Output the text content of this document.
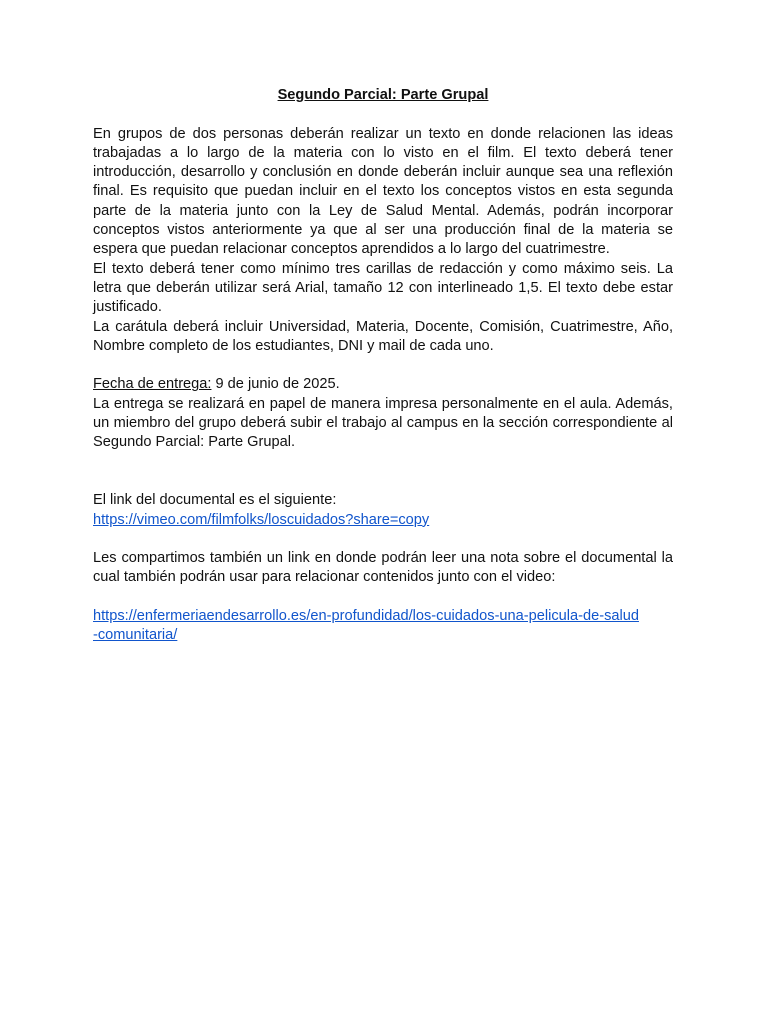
Segundo Parcial: Parte Grupal

En grupos de dos personas deberán realizar un texto en donde relacionen las ideas trabajadas a lo largo de la materia con lo visto en el film. El texto deberá tener introducción, desarrollo y conclusión en donde deberán incluir aunque sea una reflexión final. Es requisito que puedan incluir en el texto los conceptos vistos en esta segunda parte de la materia junto con la Ley de Salud Mental. Además, podrán incorporar conceptos vistos anteriormente ya que al ser una producción final de la materia se espera que puedan relacionar conceptos aprendidos a lo largo del cuatrimestre.

El texto deberá tener como mínimo tres carillas de redacción y como máximo seis. La letra que deberán utilizar será Arial, tamaño 12 con interlineado 1,5. El texto debe estar justificado.

La carátula deberá incluir Universidad, Materia, Docente, Comisión, Cuatrimestre, Año, Nombre completo de los estudiantes, DNI y mail de cada uno.

Fecha de entrega: 9 de junio de 2025.

La entrega se realizará en papel de manera impresa personalmente en el aula. Además, un miembro del grupo deberá subir el trabajo al campus en la sección correspondiente al Segundo Parcial: Parte Grupal.

El link del documental es el siguiente:

https://vimeo.com/filmfolks/loscuidados?share=copy

Les compartimos también un link en donde podrán leer una nota sobre el documental la cual también podrán usar para relacionar contenidos junto con el video:

https://enfermeriaendesarrollo.es/en-profundidad/los-cuidados-una-pelicula-de-salud
-comunitaria/
